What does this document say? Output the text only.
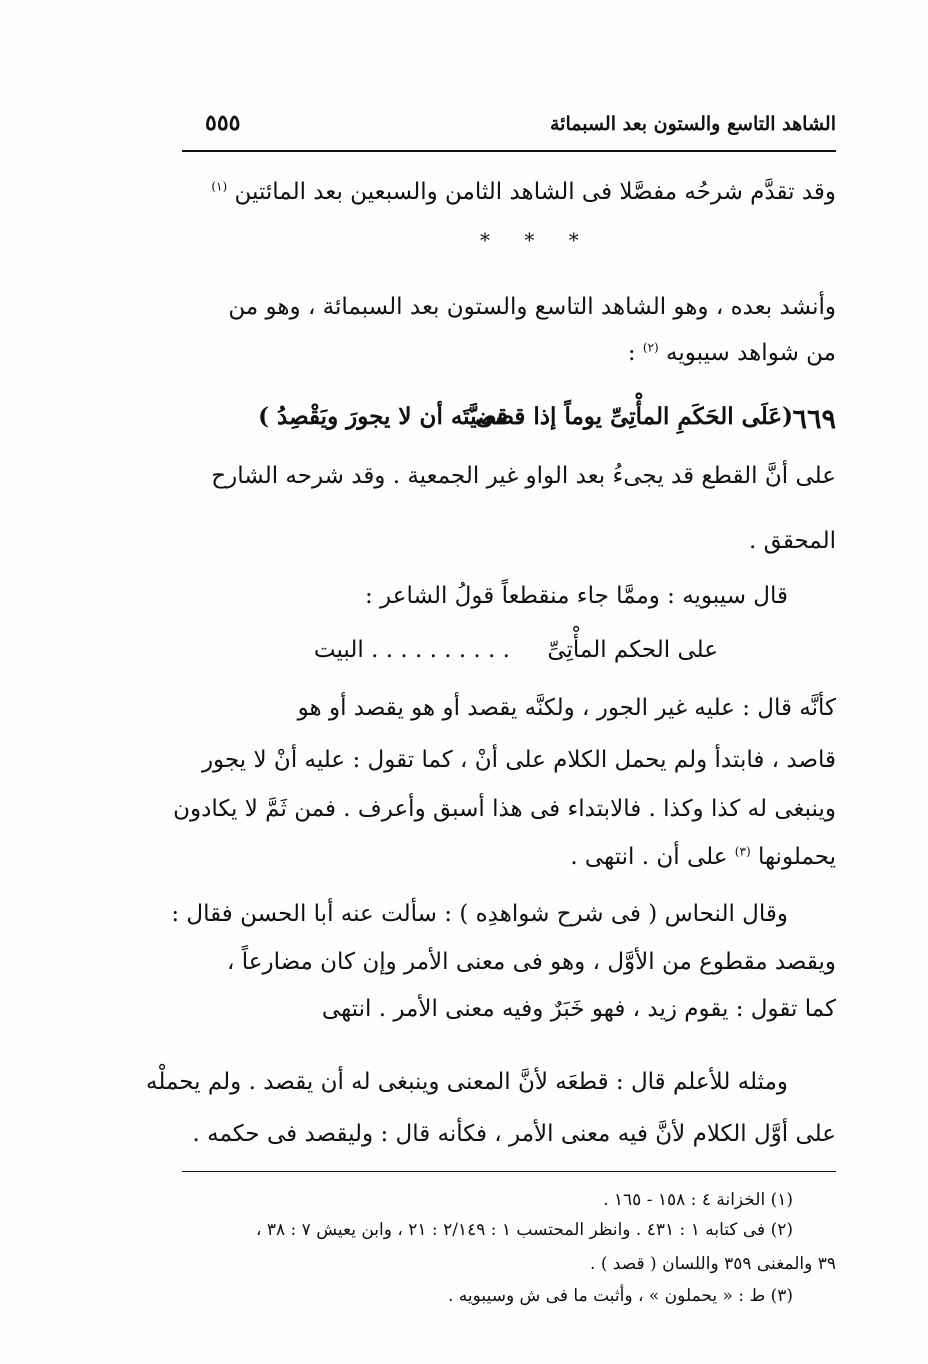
٥٥٥	الشاهد التاسع والستون بعد السبمائة
وقد تقدَّم شرحُه مفصَّلا فى الشاهد الثامن والسبعين بعد المائتين $^{(١)}$
* * *
وأنشد بعده ، وهو الشاهد التاسع والستون بعد السبمائة ، وهو من
من شواهد سيبويه $^{(٢)}$ :
٦٦٩
(عَلَى الحَكَمِ المأْتِىِّ يوماً إذا قضى
قضيَّتَه أن لا يجورَ ويَقْصِدُ )
على أنَّ القطع قد يجىءُ بعد الواو غير الجمعية . وقد شرحه الشارح
المحقق .
قال سيبويه : وممَّا جاء منقطعاً قولُ الشاعر :
على الحكم المأْتِىِّ
. . . . . . . . . . البيت
كأنَّه قال : عليه غير الجور ، ولكنَّه يقصد أو هو يقصد أو هو
قاصد ، فابتدأ ولم يحمل الكلام على أنْ ، كما تقول : عليه أنْ لا يجور
وينبغى له كذا وكذا . فالابتداء فى هذا أسبق وأعرف . فمن ثَمَّ لا يكادون
يحملونها $^{(٣)}$ على أن . انتهى .
وقال النحاس ( فى شرح شواهدِه ) : سألت عنه أبا الحسن فقال :
ويقصد مقطوع من الأوَّل ، وهو فى معنى الأمر وإن كان مضارعاً ،
كما تقول : يقوم زيد ، فهو خَبَرٌ وفيه معنى الأمر . انتهى
ومثله للأعلم قال : قطعَه لأنَّ المعنى وينبغى له أن يقصد . ولم يحملْه
على أوَّل الكلام لأنَّ فيه معنى الأمر ، فكأنه قال : وليقصد فى حكمه .
(١) الخزانة ٤ : ١٥٨ - ١٦٥ .
(٢) فى كتابه ١ : ٤٣١ . وانظر المحتسب ١ : ٢/١٤٩ : ٢١ ، وابن يعيش ٧ : ٣٨ ،
٣٩ والمغنى ٣٥٩ واللسان ( قصد ) .
(٣) ط : « يحملون » ، وأثبت ما فى ش وسيبويه .
